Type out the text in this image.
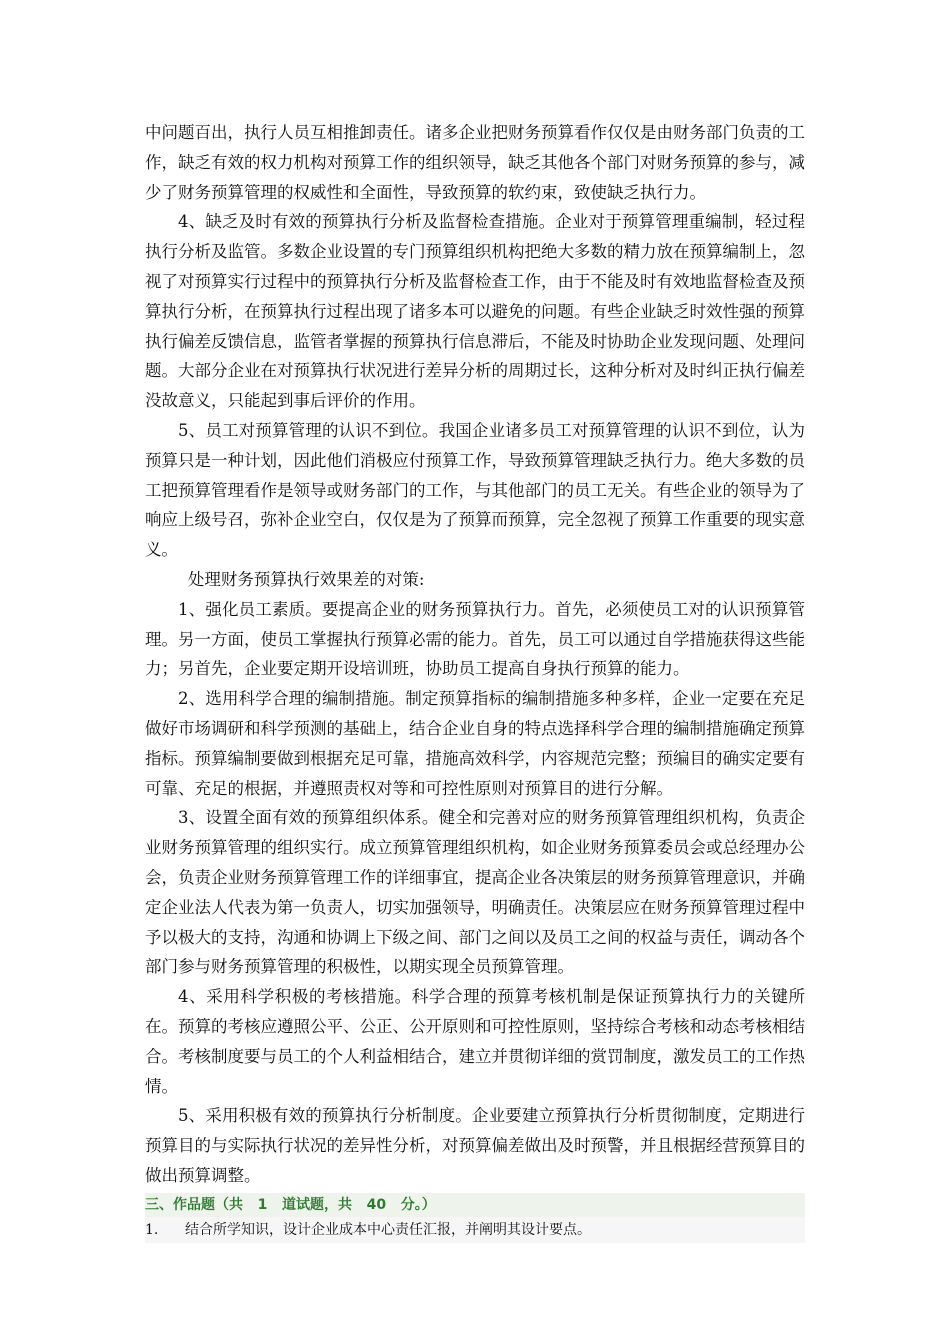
中问题百出，执行人员互相推卸责任。诸多企业把财务预算看作仅仅是由财务部门负责的工作，缺乏有效的权力机构对预算工作的组织领导，缺乏其他各个部门对财务预算的参与，减少了财务预算管理的权威性和全面性，导致预算的软约束，致使缺乏执行力。

4、缺乏及时有效的预算执行分析及监督检查措施。企业对于预算管理重编制，轻过程执行分析及监管。多数企业设置的专门预算组织机构把绝大多数的精力放在预算编制上，忽视了对预算实行过程中的预算执行分析及监督检查工作，由于不能及时有效地监督检查及预算执行分析，在预算执行过程出现了诸多本可以避免的问题。有些企业缺乏时效性强的预算执行偏差反馈信息，监管者掌握的预算执行信息滞后，不能及时协助企业发现问题、处理问题。大部分企业在对预算执行状况进行差异分析的周期过长，这种分析对及时纠正执行偏差没故意义，只能起到事后评价的作用。

5、员工对预算管理的认识不到位。我国企业诸多员工对预算管理的认识不到位，认为预算只是一种计划，因此他们消极应付预算工作，导致预算管理缺乏执行力。绝大多数的员工把预算管理看作是领导或财务部门的工作，与其他部门的员工无关。有些企业的领导为了响应上级号召，弥补企业空白，仅仅是为了预算而预算，完全忽视了预算工作重要的现实意义。

处理财务预算执行效果差的对策:

1、强化员工素质。要提高企业的财务预算执行力。首先，必须使员工对的认识预算管理。另一方面，使员工掌握执行预算必需的能力。首先，员工可以通过自学措施获得这些能力；另首先，企业要定期开设培训班，协助员工提高自身执行预算的能力。

2、选用科学合理的编制措施。制定预算指标的编制措施多种多样，企业一定要在充足做好市场调研和科学预测的基础上，结合企业自身的特点选择科学合理的编制措施确定预算指标。预算编制要做到根据充足可靠，措施高效科学，内容规范完整；预编目的确实定要有可靠、充足的根据，并遵照责权对等和可控性原则对预算目的进行分解。

3、设置全面有效的预算组织体系。健全和完善对应的财务预算管理组织机构，负责企业财务预算管理的组织实行。成立预算管理组织机构，如企业财务预算委员会或总经理办公会，负责企业财务预算管理工作的详细事宜，提高企业各决策层的财务预算管理意识，并确定企业法人代表为第一负责人，切实加强领导，明确责任。决策层应在财务预算管理过程中予以极大的支持，沟通和协调上下级之间、部门之间以及员工之间的权益与责任，调动各个部门参与财务预算管理的积极性，以期实现全员预算管理。

4、采用科学积极的考核措施。科学合理的预算考核机制是保证预算执行力的关键所在。预算的考核应遵照公平、公正、公开原则和可控性原则，坚持综合考核和动态考核相结合。考核制度要与员工的个人利益相结合，建立并贯彻详细的赏罚制度，激发员工的工作热情。

5、采用积极有效的预算执行分析制度。企业要建立预算执行分析贯彻制度，定期进行预算目的与实际执行状况的差异性分析，对预算偏差做出及时预警，并且根据经营预算目的做出预算调整。

三、作品题（共   1   道试题，共   40   分。）
1.	结合所学知识，设计企业成本中心责任汇报，并阐明其设计要点。
